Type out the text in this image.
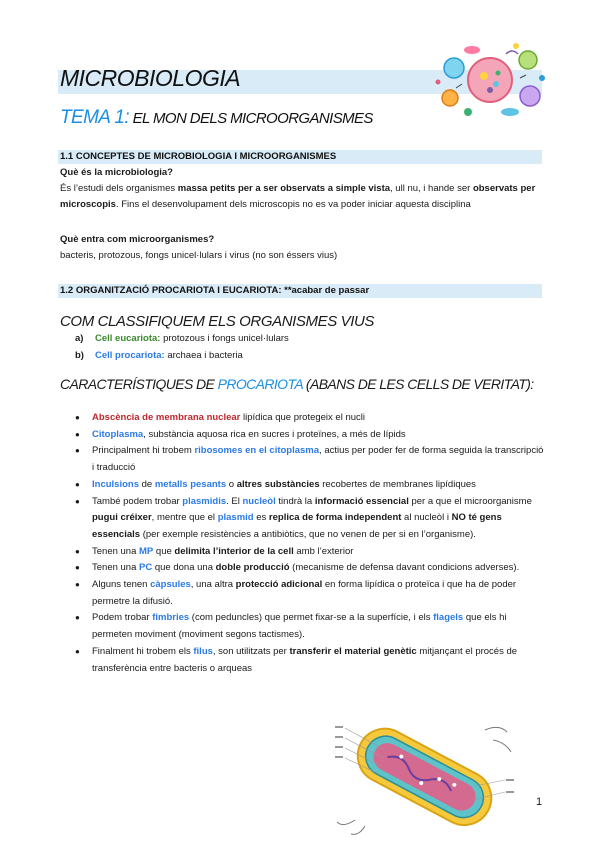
MICROBIOLOGIA
TEMA 1: EL MON DELS MICROORGANISMES
1.1 CONCEPTES DE MICROBIOLOGIA I MICROORGANISMES
Què és la microbiologia?
És l’estudi dels organismes massa petits per a ser observats a simple vista, ull nu, i hande ser observats per microscopis. Fins el desenvolupament dels microscopis no es va poder iniciar aquesta disciplina
Què entra com microorganismes?
bacteris, protozous, fongs unicel·lulars i virus (no son éssers vius)
1.2 ORGANITZACIÓ PROCARIOTA I EUCARIOTA: **acabar de passar
COM CLASSIFIQUEM ELS ORGANISMES VIUS
a) Cell eucariota: protozous i fongs unicel·lulars
b) Cell procariota: archaea i bacteria
CARACTERÍSTIQUES DE PROCARIOTA (ABANS DE LES CELLS DE VERITAT):
● Abscència de membrana nuclear lipídica que protegeix el nucli
● Citoplasma, substància aquosa rica en sucres i proteïnes, a més de lípids
● Principalment hi trobem ribosomes en el citoplasma, actius per poder fer de forma seguida la transcripció i traducció
● Inculsions de metalls pesants o altres substàncies recobertes de membranes lipídiques
● També podem trobar plasmidis. El nucleòl tindrà la informació essencial per a que el microorganisme pugui créixer, mentre que el plasmid es replica de forma independent al nucleòl i NO té gens essencials (per exemple resistències a antibiòtics, que no venen de per si en l’organisme).
● Tenen una MP que delimita l’interior de la cell amb l’exterior
● Tenen una PC que dona una doble producció (mecanisme de defensa davant condicions adverses).
● Alguns tenen càpsules, una altra protecció adicional en forma lipídica o proteïca i que ha de poder permetre la difusió.
● Podem trobar fimbries (com peduncles) que permet fixar-se a la superfície, i els flagels que els hi permeten moviment (moviment segons tactismes).
● Finalment hi trobem els filus, son utilitzats per transferir el material genètic mitjançant el procés de transferència entre bacteris o arqueas
1
